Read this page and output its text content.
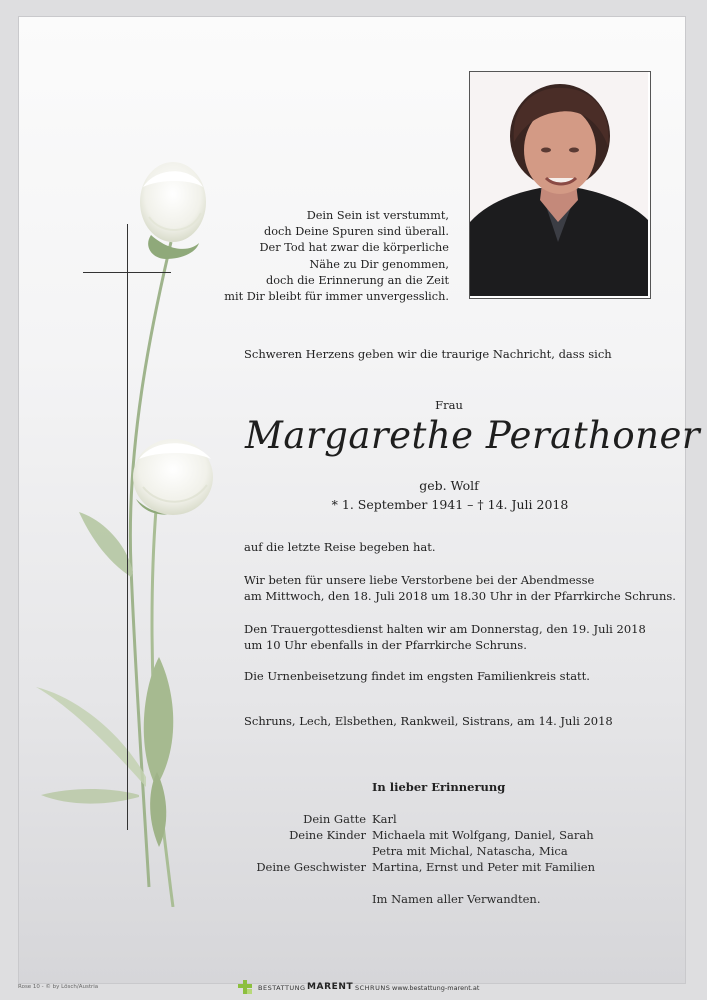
Dein Sein ist verstummt,
doch Deine Spuren sind überall.
Der Tod hat zwar die körperliche
Nähe zu Dir genommen,
doch die Erinnerung an die Zeit
mit Dir bleibt für immer unvergesslich.
Schweren Herzens geben wir die traurige Nachricht, dass sich
Frau
Margarethe Perathoner
geb. Wolf
* 1. September 1941 – † 14. Juli 2018
auf die letzte Reise begeben hat.
Wir beten für unsere liebe Verstorbene bei der Abendmesse
am Mittwoch, den 18. Juli 2018 um 18.30 Uhr in der Pfarrkirche Schruns.
Den Trauergottesdienst halten wir am Donnerstag, den 19. Juli 2018
um 10 Uhr ebenfalls in der Pfarrkirche Schruns.
Die Urnenbeisetzung findet im engsten Familienkreis statt.
Schruns, Lech, Elsbethen, Rankweil, Sistrans, am 14. Juli 2018
In lieber Erinnerung
Dein Gatte Karl
Deine Kinder Michaela mit Wolfgang, Daniel, Sarah
Petra mit Michal, Natascha, Mica
Deine Geschwister Martina, Ernst und Peter mit Familien
Im Namen aller Verwandten.
Rose 10 - © by Lösch/Austria	BESTATTUNG MARENT SCHRUNS www.bestattung-marent.at
